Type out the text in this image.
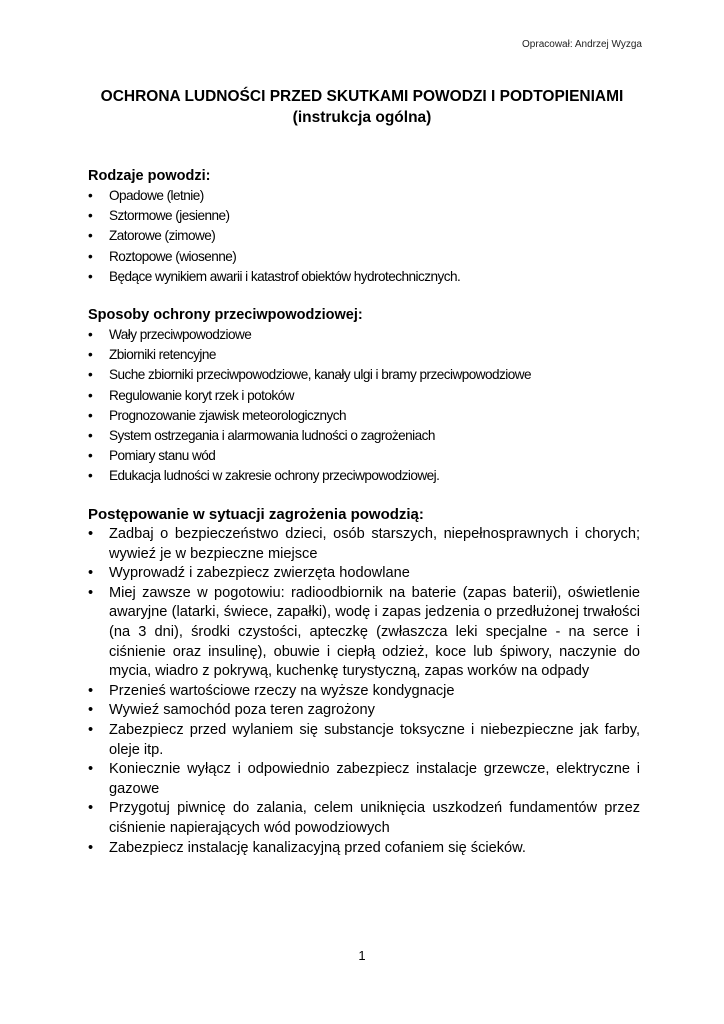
Opracował: Andrzej Wyzga
OCHRONA LUDNOŚCI PRZED SKUTKAMI POWODZI I PODTOPIENIAMI
(instrukcja ogólna)

Rodzaje powodzi:

• Opadowe (letnie)
• Sztormowe (jesienne)
• Zatorowe (zimowe)
• Roztopowe (wiosenne)
• Będące wynikiem awarii i katastrof obiektów hydrotechnicznych.

Sposoby ochrony przeciwpowodziowej:

• Wały przeciwpowodziowe
• Zbiorniki retencyjne
• Suche zbiorniki przeciwpowodziowe, kanały ulgi i bramy przeciwpowodziowe
• Regulowanie koryt rzek i potoków
• Prognozowanie zjawisk meteorologicznych
• System ostrzegania i alarmowania ludności o zagrożeniach
• Pomiary stanu wód
• Edukacja ludności w zakresie ochrony przeciwpowodziowej.

Postępowanie w sytuacji zagrożenia powodzią:

• Zadbaj o bezpieczeństwo dzieci, osób starszych, niepełnosprawnych i chorych; wywieź je w bezpieczne miejsce
• Wyprowadź i zabezpiecz zwierzęta hodowlane
• Miej zawsze w pogotowiu: radioodbiornik na baterie (zapas baterii), oświetlenie awaryjne (latarki, świece, zapałki), wodę i zapas jedzenia o przedłużonej trwałości (na 3 dni), środki czystości, apteczkę (zwłaszcza leki specjalne - na serce i ciśnienie oraz insulinę), obuwie i ciepłą odzież, koce lub śpiwory, naczynie do mycia, wiadro z pokrywą, kuchenkę turystyczną, zapas worków na odpady
• Przenieś wartościowe rzeczy na wyższe kondygnacje
• Wywieź samochód poza teren zagrożony
• Zabezpiecz przed wylaniem się substancje toksyczne i niebezpieczne jak farby, oleje itp.
• Koniecznie wyłącz i odpowiednio zabezpiecz instalacje grzewcze, elektryczne i gazowe
• Przygotuj piwnicę do zalania, celem uniknięcia uszkodzeń fundamentów przez ciśnienie napierających wód powodziowych
• Zabezpiecz instalację kanalizacyjną przed cofaniem się ścieków.
1
